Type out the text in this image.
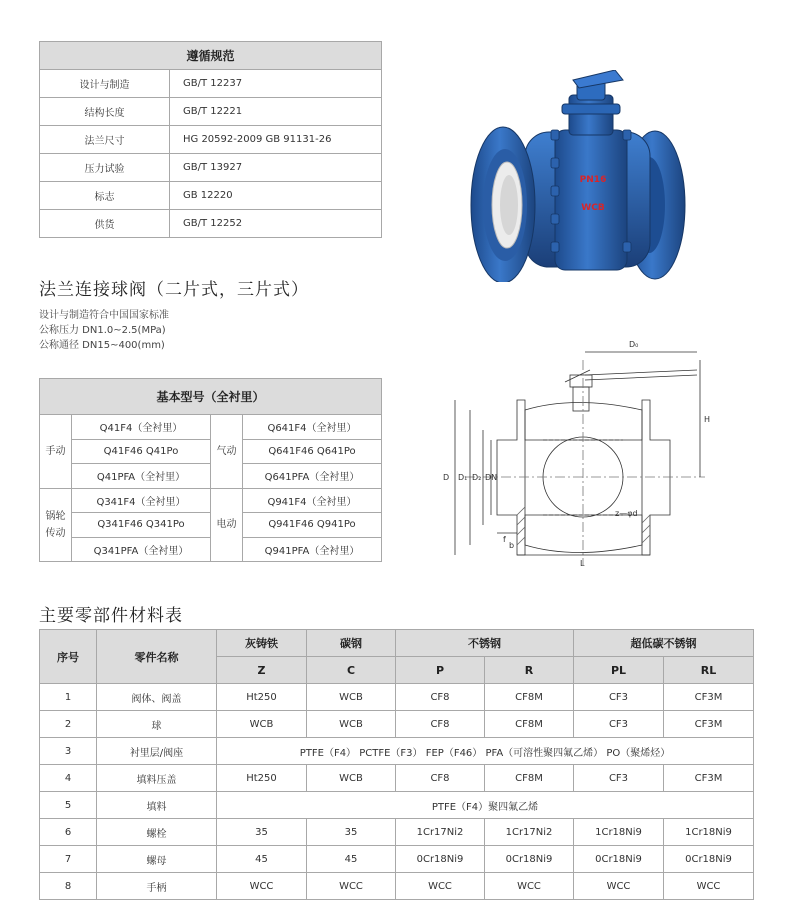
遵循规范	
设计与制造	GB/T 12237
结构长度	GB/T 12221
法兰尺寸	HG 20592-2009 GB 91131-26
压力试验	GB/T 13927
标志	GB 12220
供货	GB/T 12252
PN16
WCB
法兰连接球阀（二片式，三片式）
设计与制造符合中国国家标准
公称压力 DN1.0~2.5(MPa)
公称通径 DN15~400(mm)
基本型号（全衬里）			
手动	Q41F4（全衬里）	气动	Q641F4（全衬里）
	Q41F46 Q41Po		Q641F46 Q641Po
	Q41PFA（全衬里）		Q641PFA（全衬里）
锅轮
传动	Q341F4（全衬里）	电动	Q941F4（全衬里）
	Q341F46 Q341Po		Q941F46 Q941Po
	Q341PFA（全衬里）		Q941PFA（全衬里）
D₀
H
D D₁ D₂ DN
f
b
L
z—φd
主要零部件材料表
序号	零件名称	灰铸铁	碳钢	不锈钢		超低碳不锈钢	
		Z	C	P	R	PL	RL
1	阀体、阀盖	Ht250	WCB	CF8	CF8M	CF3	CF3M
2	球	WCB	WCB	CF8	CF8M	CF3	CF3M
3	衬里层/阀座	PTFE（F4） PCTFE（F3） FEP（F46） PFA（可溶性聚四氟乙烯） PO（聚烯烃）					
4	填料压盖	Ht250	WCB	CF8	CF8M	CF3	CF3M
5	填料	PTFE（F4）聚四氟乙烯					
6	螺栓	35	35	1Cr17Ni2	1Cr17Ni2	1Cr18Ni9	1Cr18Ni9
7	螺母	45	45	0Cr18Ni9	0Cr18Ni9	0Cr18Ni9	0Cr18Ni9
8	手柄	WCC	WCC	WCC	WCC	WCC	WCC
